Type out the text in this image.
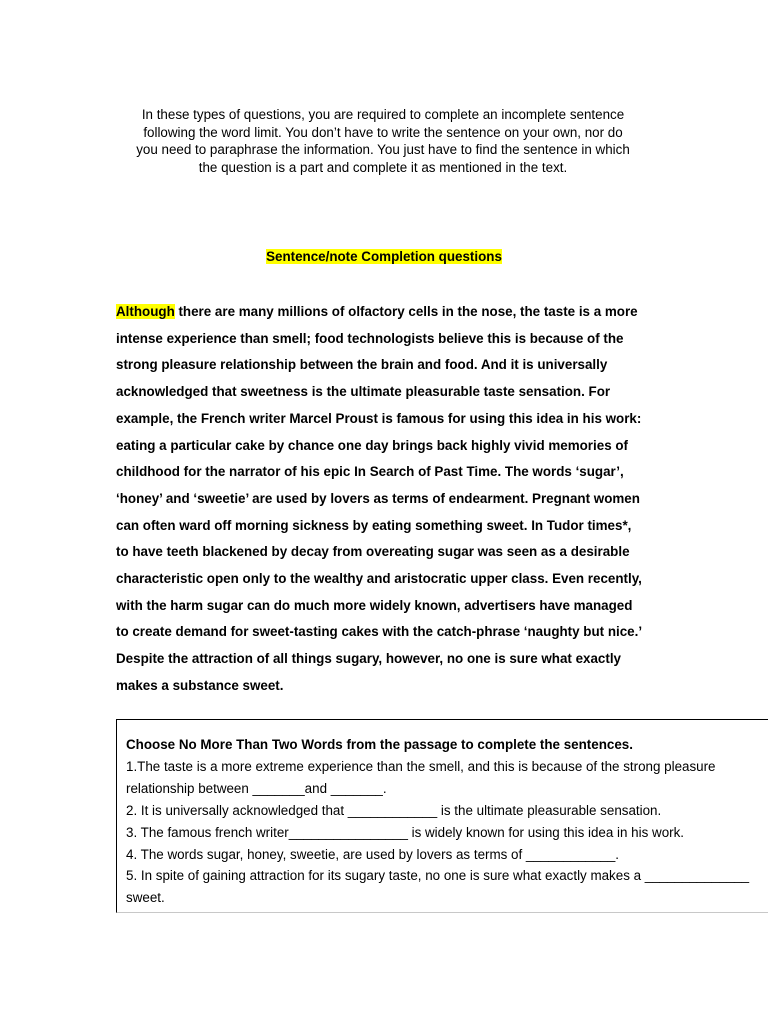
In these types of questions, you are required to complete an incomplete sentence
following the word limit. You don’t have to write the sentence on your own, nor do
you need to paraphrase the information. You just have to find the sentence in which
the question is a part and complete it as mentioned in the text.
Sentence/note Completion questions
Although there are many millions of olfactory cells in the nose, the taste is a more
intense experience than smell; food technologists believe this is because of the
strong pleasure relationship between the brain and food. And it is universally
acknowledged that sweetness is the ultimate pleasurable taste sensation. For
example, the French writer Marcel Proust is famous for using this idea in his work:
eating a particular cake by chance one day brings back highly vivid memories of
childhood for the narrator of his epic In Search of Past Time. The words ‘sugar’,
‘honey’ and ‘sweetie’ are used by lovers as terms of endearment. Pregnant women
can often ward off morning sickness by eating something sweet. In Tudor times*,
to have teeth blackened by decay from overeating sugar was seen as a desirable
characteristic open only to the wealthy and aristocratic upper class. Even recently,
with the harm sugar can do much more widely known, advertisers have managed
to create demand for sweet-tasting cakes with the catch-phrase ‘naughty but nice.’
Despite the attraction of all things sugary, however, no one is sure what exactly
makes a substance sweet.
Choose No More Than Two Words from the passage to complete the sentences.
1.The taste is a more extreme experience than the smell, and this is because of the strong pleasure
relationship between _______and _______.
2. It is universally acknowledged that ____________ is the ultimate pleasurable sensation.
3. The famous french writer________________ is widely known for using this idea in his work.
4. The words sugar, honey, sweetie, are used by lovers as terms of ____________.
5. In spite of gaining attraction for its sugary taste, no one is sure what exactly makes a ______________
sweet.
